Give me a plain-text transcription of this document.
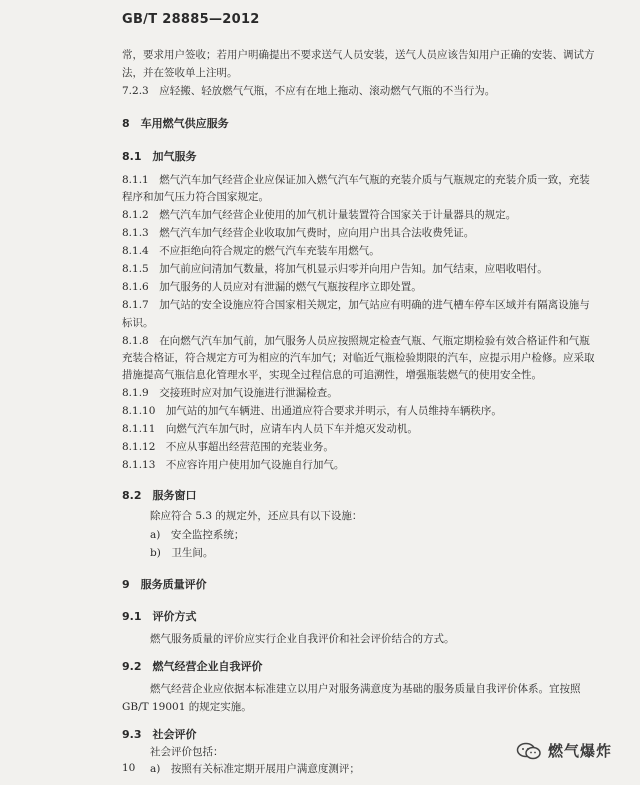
GB/T 28885—2012
常，要求用户签收；若用户明确提出不要求送气人员安装，送气人员应该告知用户正确的安装、调试方
法，并在签收单上注明。
7.2.3　应轻搬、轻放燃气气瓶，不应有在地上拖动、滚动燃气气瓶的不当行为。
8　车用燃气供应服务
8.1　加气服务
8.1.1　燃气汽车加气经营企业应保证加入燃气汽车气瓶的充装介质与气瓶规定的充装介质一致，充装
程序和加气压力符合国家规定。
8.1.2　燃气汽车加气经营企业使用的加气机计量装置符合国家关于计量器具的规定。
8.1.3　燃气汽车加气经营企业收取加气费时，应向用户出具合法收费凭证。
8.1.4　不应拒绝向符合规定的燃气汽车充装车用燃气。
8.1.5　加气前应问清加气数量，将加气机显示归零并向用户告知。加气结束，应唱收唱付。
8.1.6　加气服务的人员应对有泄漏的燃气气瓶按程序立即处置。
8.1.7　加气站的安全设施应符合国家相关规定，加气站应有明确的进气槽车停车区域并有隔离设施与
标识。
8.1.8　在向燃气汽车加气前，加气服务人员应按照规定检查气瓶、气瓶定期检验有效合格证件和气瓶
充装合格证，符合规定方可为相应的汽车加气；对临近气瓶检验期限的汽车，应提示用户检修。应采取
措施提高气瓶信息化管理水平，实现全过程信息的可追溯性，增强瓶装燃气的使用安全性。
8.1.9　交接班时应对加气设施进行泄漏检查。
8.1.10　加气站的加气车辆进、出通道应符合要求并明示，有人员维持车辆秩序。
8.1.11　向燃气汽车加气时，应请车内人员下车并熄灭发动机。
8.1.12　不应从事超出经营范围的充装业务。
8.1.13　不应容许用户使用加气设施自行加气。
8.2　服务窗口
除应符合 5.3 的规定外，还应具有以下设施：
a)　安全监控系统；
b)　卫生间。
9　服务质量评价
9.1　评价方式
燃气服务质量的评价应实行企业自我评价和社会评价结合的方式。
9.2　燃气经营企业自我评价
燃气经营企业应依据本标准建立以用户对服务满意度为基础的服务质量自我评价体系。宜按照
GB/T 19001 的规定实施。
9.3　社会评价
社会评价包括：
a)　按照有关标准定期开展用户满意度测评；
10
燃气爆炸
